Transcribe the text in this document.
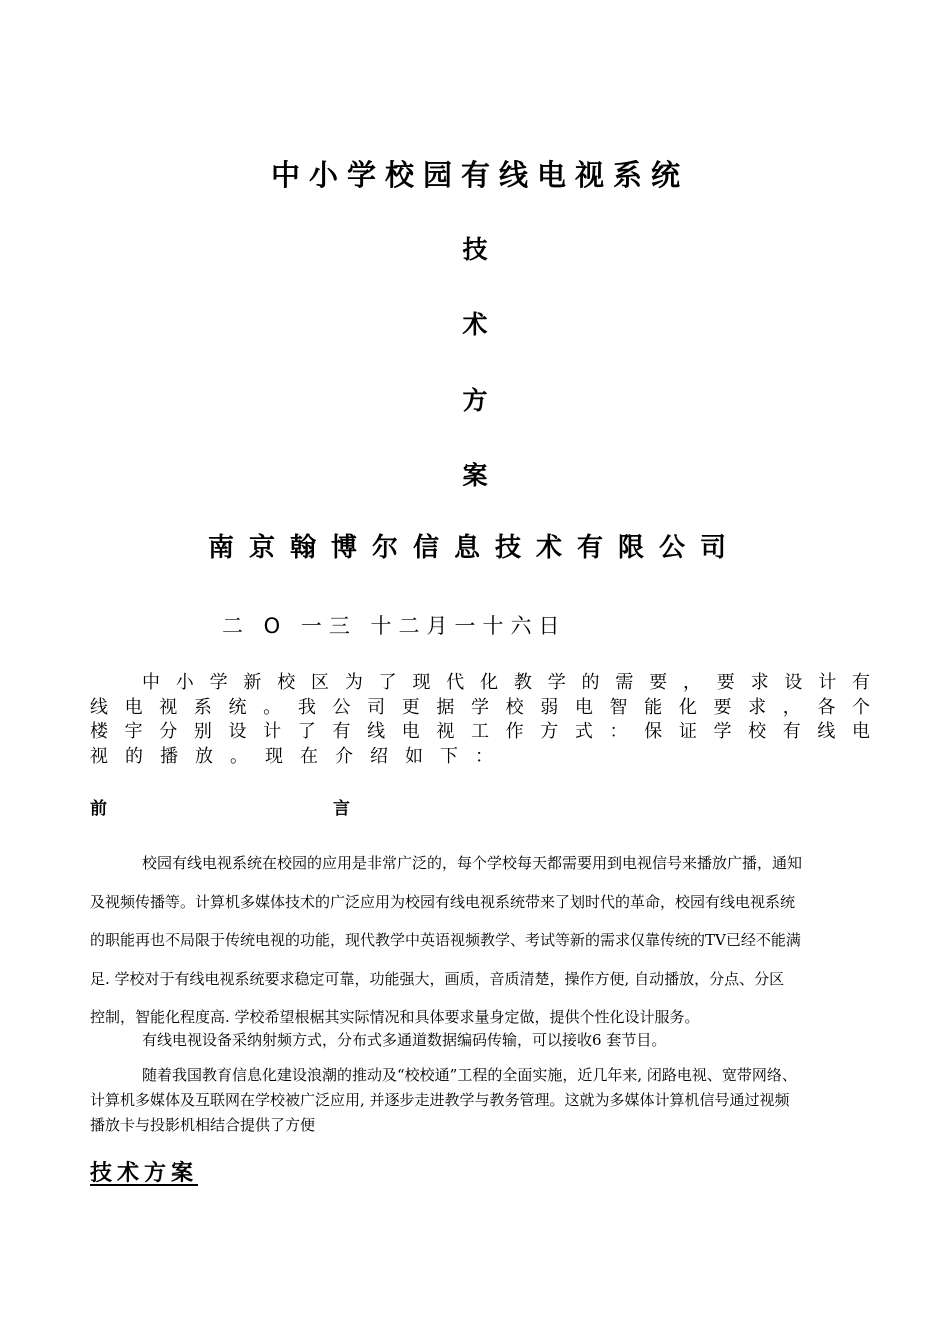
中小学校园有线电视系统
技
术
方
案
南京翰博尔信息技术有限公司
二 O 一三 十二月一十六日
中小学新校区为了现代化教学的需要，要求设计有
线电视系统。我公司更据学校弱电智能化要求，各个
楼宇分别设计了有线电视工作方式：保证学校有线电
视的播放。现在介绍如下：
前	言
校园有线电视系统在校园的应用是非常广泛的，每个学校每天都需要用到电视信号来播放广播，通知
及视频传播等。计算机多媒体技术的广泛应用为校园有线电视系统带来了划时代的革命，校园有线电视系统
的职能再也不局限于传统电视的功能，现代教学中英语视频教学、考试等新的需求仅靠传统的TV已经不能满
足. 学校对于有线电视系统要求稳定可靠，功能强大，画质，音质清楚，操作方便, 自动播放，分点、分区
控制，智能化程度高. 学校希望根椐其实际情况和具体要求量身定做，提供个性化设计服务。
有线电视设备采纳射频方式，分布式多通道数据编码传输，可以接收6 套节目。
随着我国教育信息化建设浪潮的推动及“校校通”工程的全面实施，近几年来, 闭路电视、宽带网络、
计算机多媒体及互联网在学校被广泛应用, 并逐步走进教学与教务管理。这就为多媒体计算机信号通过视频
播放卡与投影机相结合提供了方便
技术方案
